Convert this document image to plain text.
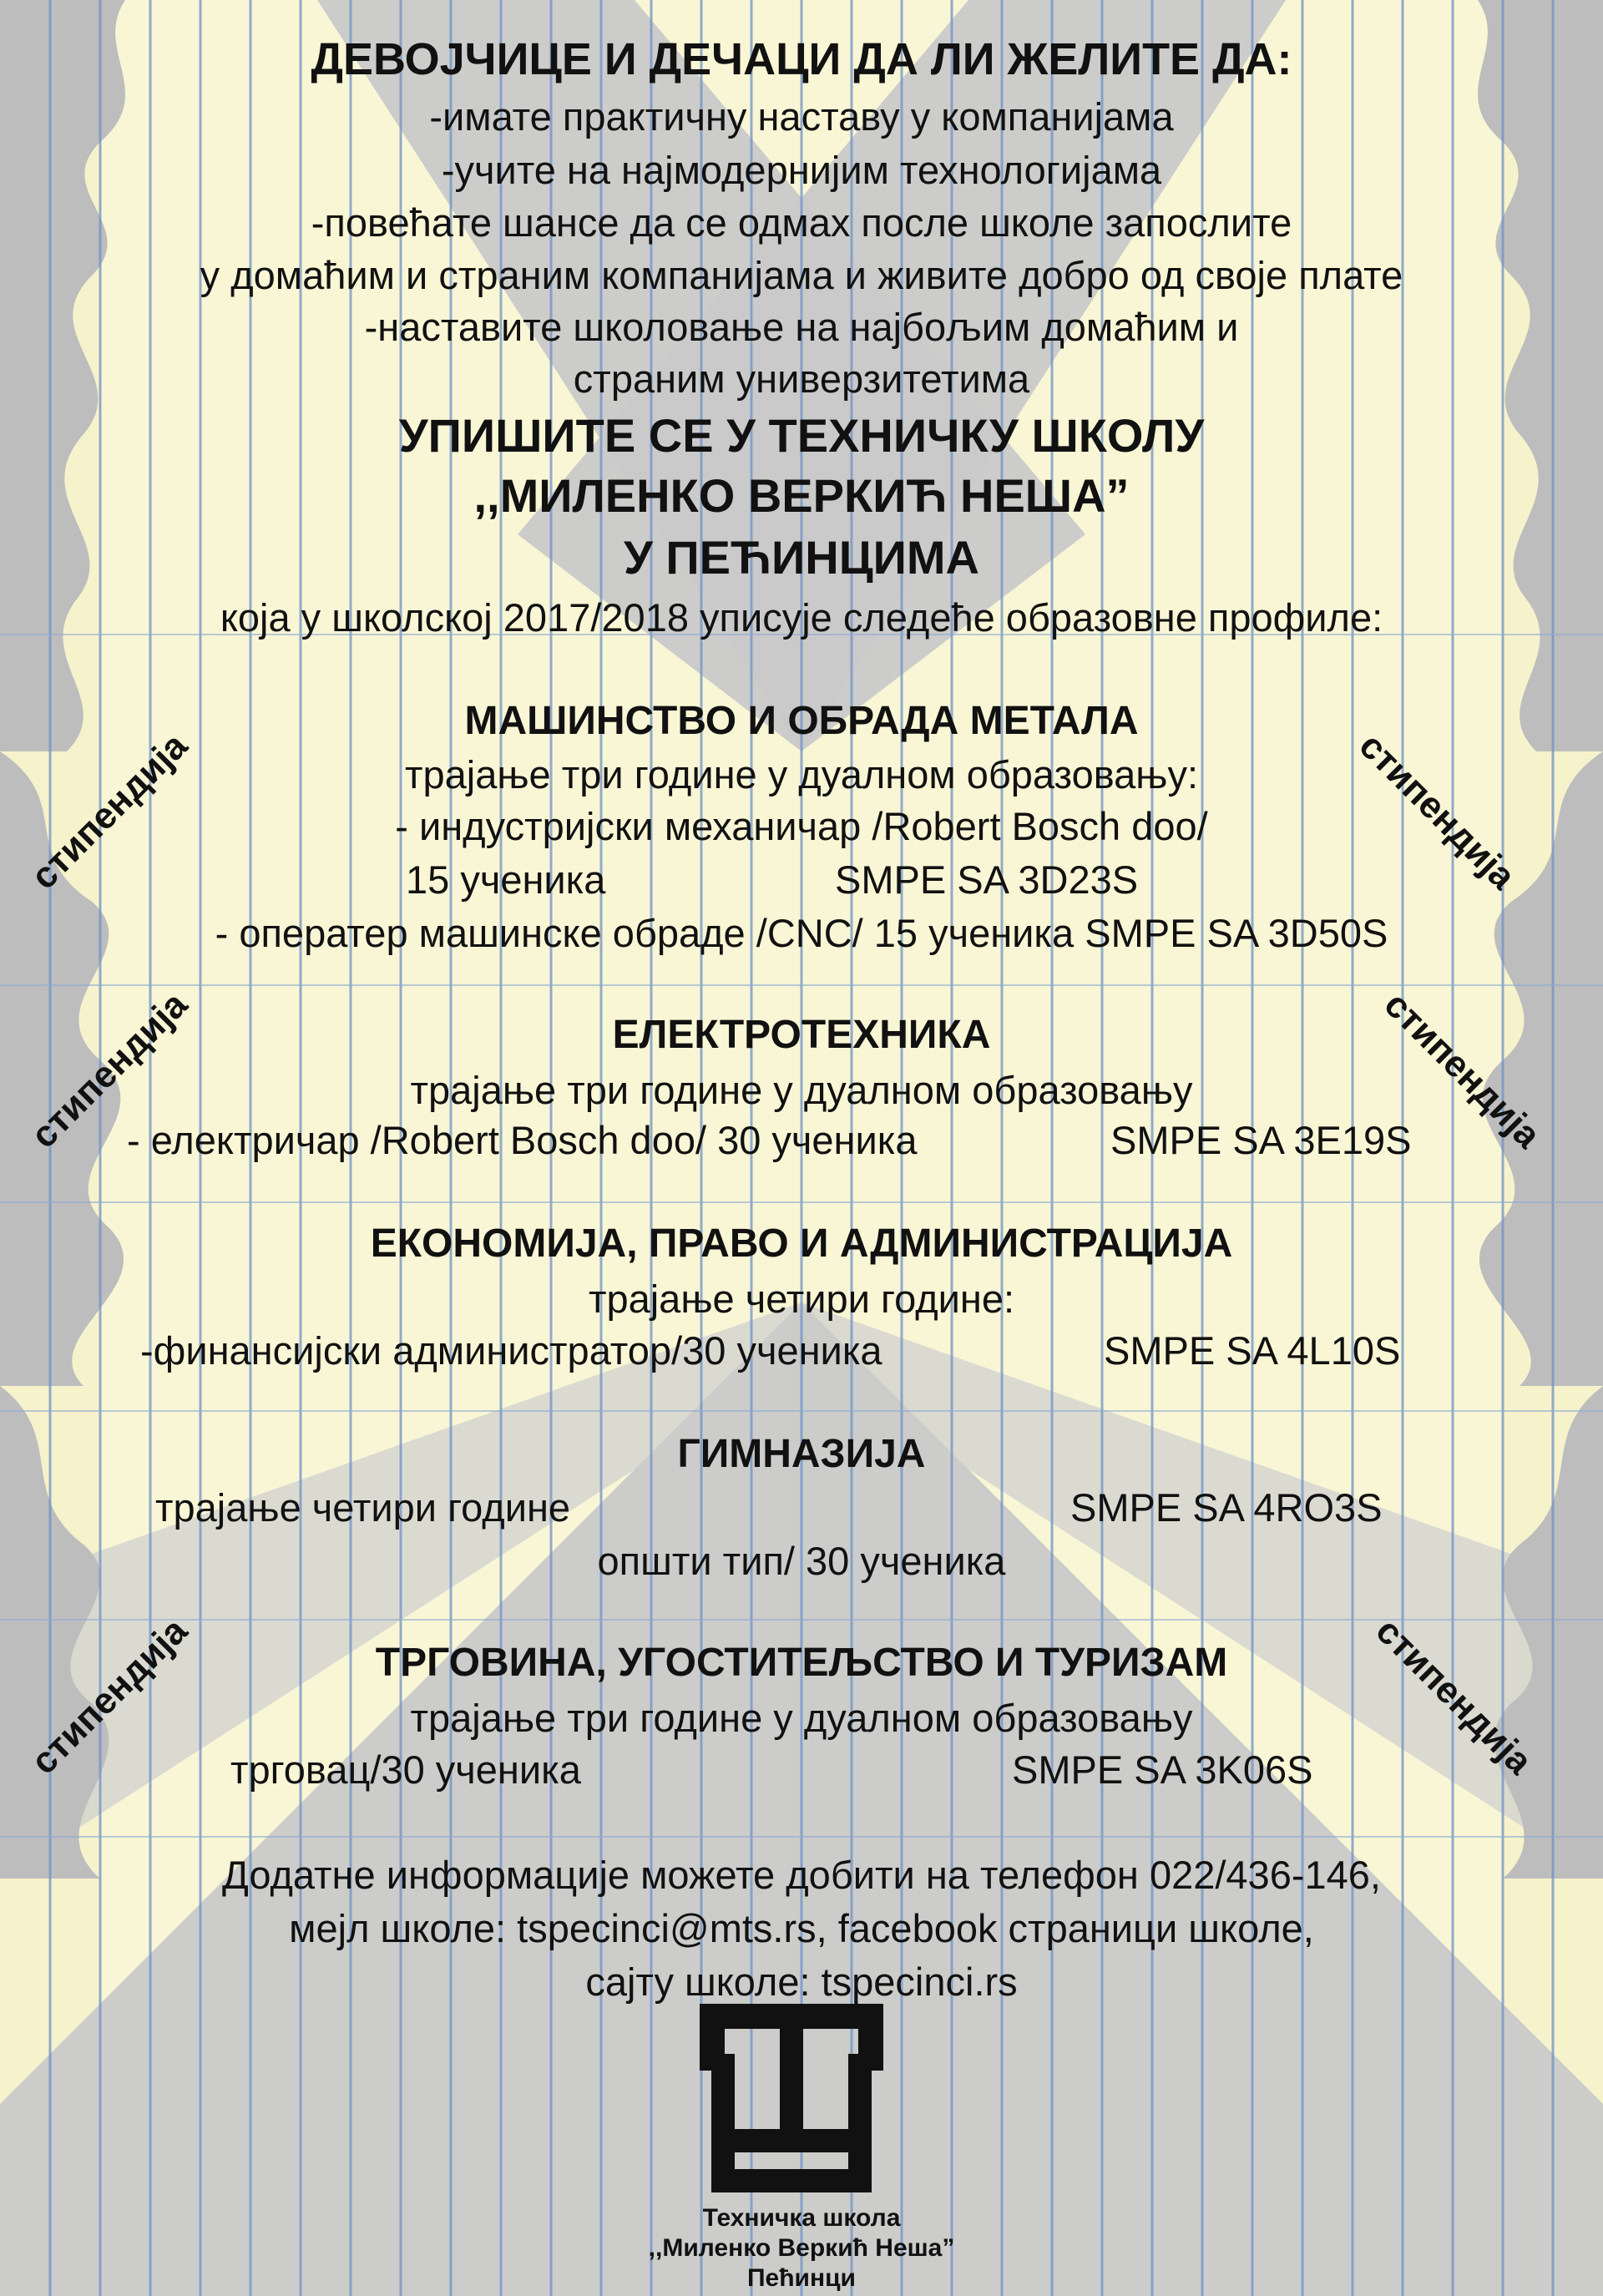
ДЕВОЈЧИЦЕ И ДЕЧАЦИ ДА ЛИ ЖЕЛИТЕ ДА:
-имате практичну наставу у компанијама
-учите на најмодернијим технологијама
-повећате шансе да се одмах после школе запослите
у домаћим и страним компанијама и живите добро од своје плате
-наставите школовање на најбољим домаћим и
страним универзитетима
УПИШИТЕ СЕ У ТЕХНИЧКУ ШКОЛУ
,,МИЛЕНКО ВЕРКИЋ НЕША”
У ПЕЋИНЦИМА
која у школској 2017/2018 уписује следеће образовне профиле:
МАШИНСТВО И ОБРАДА МЕТАЛА
трајање три године у дуалном образовању:
- индустријски механичар /Robert Bosch doo/
15 ученика	SMPE SA 3D23S
- оператер машинске обраде /CNC/ 15 ученика SMPE SA 3D50S
ЕЛЕКТРОТЕХНИКА
трајање три године у дуалном образовању
- електричар /Robert Bosch doo/ 30 ученика	SMPE SA 3E19S
ЕКОНОМИЈА, ПРАВО И АДМИНИСТРАЦИЈА
трајање четири године:
-финансијски администратор/30 ученика	SMPE SA 4L10S
ГИМНАЗИЈА
трајање четири године	SMPE SA 4RO3S
општи тип/ 30 ученика
ТРГОВИНА, УГОСТИТЕЉСТВО И ТУРИЗАМ
трајање три године у дуалном образовању
трговац/30 ученика	SMPE SA 3K06S
стипендија	стипендија
стипендија	стипендија
стипендија	стипендија
Додатне информације можете добити на телефон 022/436-146,
мејл школе: tspecinci@mts.rs, facebook страници школе,
сајту школе: tspecinci.rs
Техничка школа
,,Миленко Веркић Неша”
Пећинци
